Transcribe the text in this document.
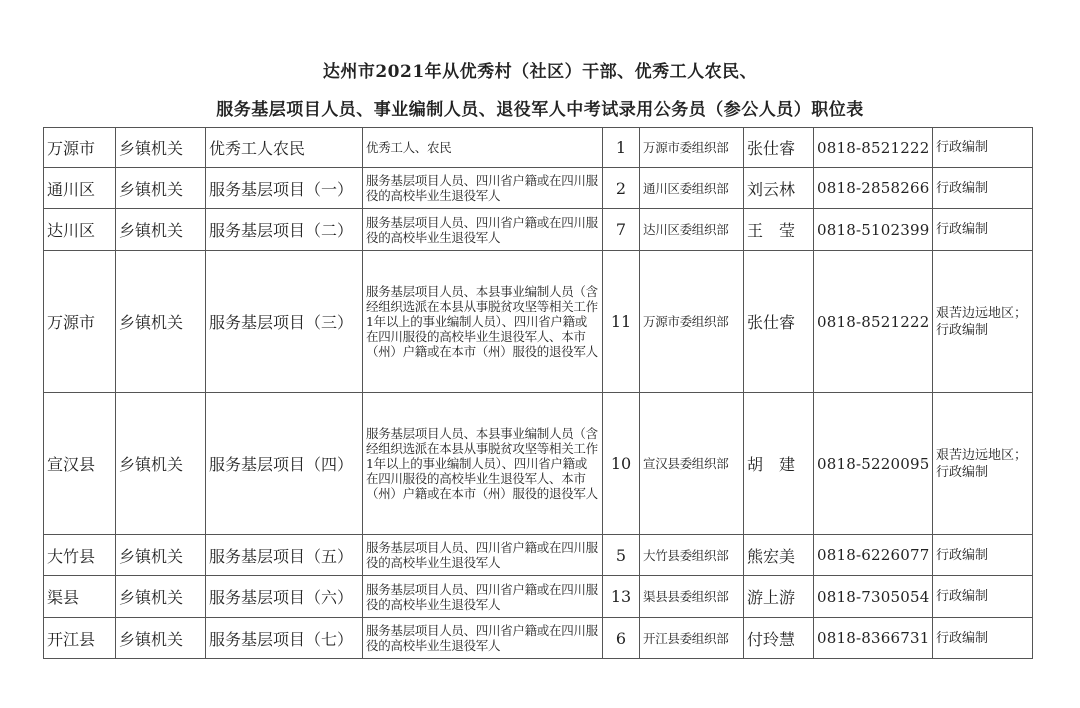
达州市2021年从优秀村（社区）干部、优秀工人农民、
服务基层项目人员、事业编制人员、退役军人中考试录用公务员（参公人员）职位表
万源市	乡镇机关	优秀工人农民	优秀工人、农民	1	万源市委组织部	张仕睿	0818-8521222	行政编制
通川区	乡镇机关	服务基层项目（一）	服务基层项目人员、四川省户籍或在四川服役的高校毕业生退役军人	2	通川区委组织部	刘云林	0818-2858266	行政编制
达川区	乡镇机关	服务基层项目（二）	服务基层项目人员、四川省户籍或在四川服役的高校毕业生退役军人	7	达川区委组织部	王　莹	0818-5102399	行政编制
万源市	乡镇机关	服务基层项目（三）	服务基层项目人员、本县事业编制人员（含经组织选派在本县从事脱贫攻坚等相关工作1年以上的事业编制人员）、四川省户籍或在四川服役的高校毕业生退役军人、本市（州）户籍或在本市（州）服役的退役军人	11	万源市委组织部	张仕睿	0818-8521222	艰苦边远地区；行政编制
宣汉县	乡镇机关	服务基层项目（四）	服务基层项目人员、本县事业编制人员（含经组织选派在本县从事脱贫攻坚等相关工作1年以上的事业编制人员）、四川省户籍或在四川服役的高校毕业生退役军人、本市（州）户籍或在本市（州）服役的退役军人	10	宣汉县委组织部	胡　建	0818-5220095	艰苦边远地区；行政编制
大竹县	乡镇机关	服务基层项目（五）	服务基层项目人员、四川省户籍或在四川服役的高校毕业生退役军人	5	大竹县委组织部	熊宏美	0818-6226077	行政编制
渠县	乡镇机关	服务基层项目（六）	服务基层项目人员、四川省户籍或在四川服役的高校毕业生退役军人	13	渠县县委组织部	游上游	0818-7305054	行政编制
开江县	乡镇机关	服务基层项目（七）	服务基层项目人员、四川省户籍或在四川服役的高校毕业生退役军人	6	开江县委组织部	付玲慧	0818-8366731	行政编制
